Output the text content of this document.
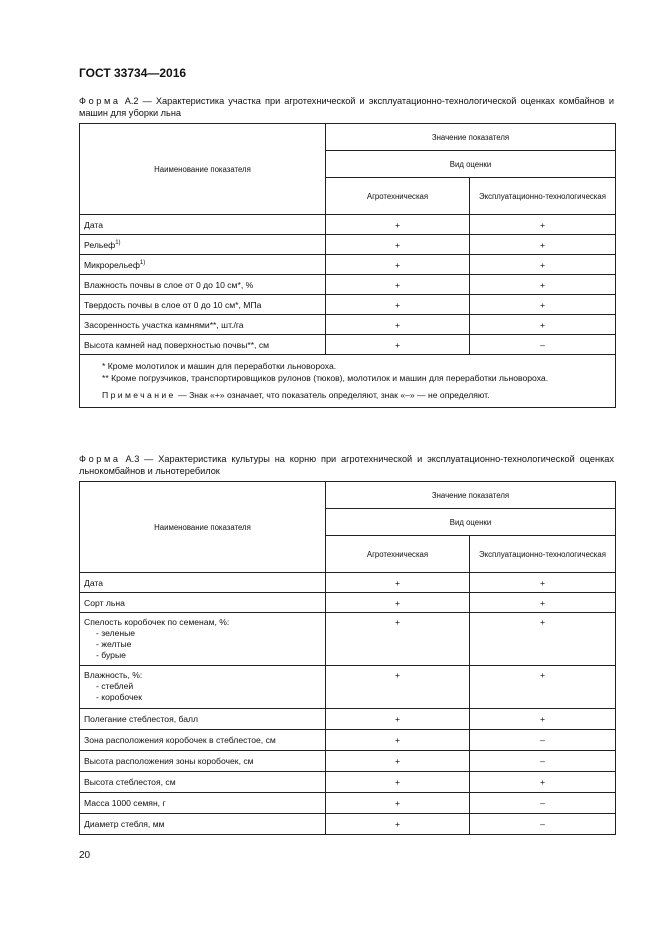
ГОСТ 33734—2016
Форма А.2 — Характеристика участка при агротехнической и эксплуатационно-технологической оценках комбайнов и машин для уборки льна
Наименование показателя	Значение показателя	
	Вид оценки	
	Агротехническая	Эксплуатационно-технологическая
Дата	+	+
Рельеф$^{1)}$	+	+
Микрорельеф$^{1)}$	+	+
Влажность почвы в слое от 0 до 10 см*, %	+	+
Твердость почвы в слое от 0 до 10 см*, МПа	+	+
Засоренность участка камнями**, шт./га	+	+
Высота камней над поверхностью почвы**, см	+	–

* Кроме молотилок и машин для переработки льновороха.

** Кроме погрузчиков, транспортировщиков рулонов (тюков), молотилок и машин для переработки льновороха.

Примечание — Знак «+» означает, что показатель определяют, знак «–» — не определяют.		

Форма А.3 — Характеристика культуры на корню при агротехнической и эксплуатационно-технологической оценках льнокомбайнов и льнотеребилок
Наименование показателя	Значение показателя	
	Вид оценки	
	Агротехническая	Эксплуатационно-технологическая
Дата	+	+
Сорт льна	+	+
Спелость коробочек по семенам, %:
- зеленые
- желтые
- бурые	+	+
Влажность, %:
- стеблей
- коробочек	+	+
Полегание стеблестоя, балл	+	+
Зона расположения коробочек в стеблестое, см	+	–
Высота расположения зоны коробочек, см	+	–
Высота стеблестоя, см	+	+
Масса 1000 семян, г	+	–
Диаметр стебля, мм	+	–
20
